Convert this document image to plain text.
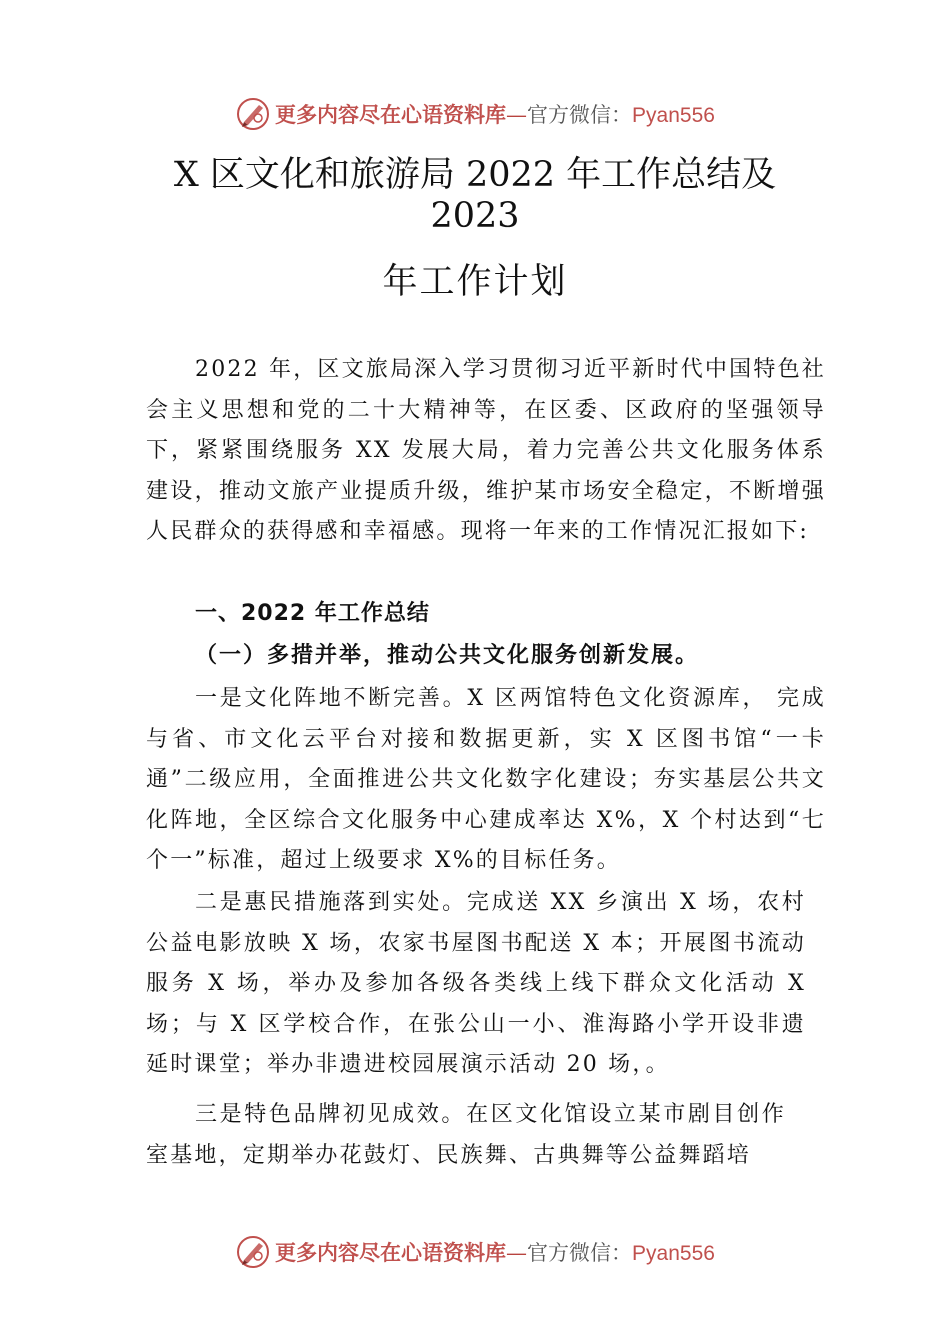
更多内容尽在心语资料库—官方微信：Pyan556
X 区文化和旅游局 2022 年工作总结及
2023
年工作计划
2022 年，区文旅局深入学习贯彻习近平新时代中国特色社会主义思想和党的二十大精神等，在区委、区政府的坚强领导下，紧紧围绕服务 XX 发展大局，着力完善公共文化服务体系建设，推动文旅产业提质升级，维护某市场安全稳定，不断增强人民群众的获得感和幸福感。现将一年来的工作情况汇报如下:
一、2022 年工作总结
（一）多措并举，推动公共文化服务创新发展。
一是文化阵地不断完善。X 区两馆特色文化资源库， 完成与省、市文化云平台对接和数据更新，实 X 区图书馆“一卡通”二级应用，全面推进公共文化数字化建设；夯实基层公共文化阵地，全区综合文化服务中心建成率达 X%，X 个村达到“七个一”标准，超过上级要求 X%的目标任务。
二是惠民措施落到实处。完成送 XX 乡演出 X 场，农村公益电影放映 X 场，农家书屋图书配送 X 本；开展图书流动服务 X 场，举办及参加各级各类线上线下群众文化活动 X 场；与 X 区学校合作，在张公山一小、淮海路小学开设非遗延时课堂；举办非遗进校园展演示活动 20 场，。
三是特色品牌初见成效。在区文化馆设立某市剧目创作室基地，定期举办花鼓灯、民族舞、古典舞等公益舞蹈培
更多内容尽在心语资料库—官方微信：Pyan556
